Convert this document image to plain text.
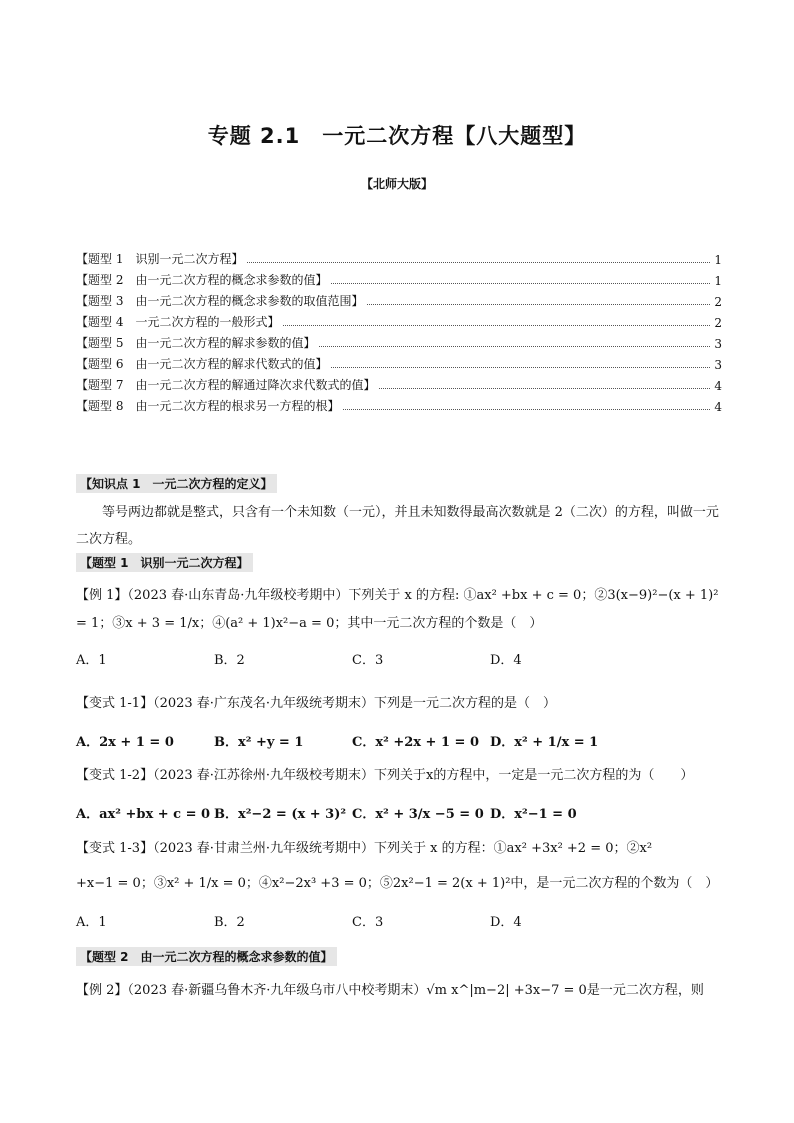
专题 2.1　一元二次方程【八大题型】
【北师大版】
【题型 1　识别一元二次方程】	1
【题型 2　由一元二次方程的概念求参数的值】	1
【题型 3　由一元二次方程的概念求参数的取值范围】	2
【题型 4　一元二次方程的一般形式】	2
【题型 5　由一元二次方程的解求参数的值】	3
【题型 6　由一元二次方程的解求代数式的值】	3
【题型 7　由一元二次方程的解通过降次求代数式的值】	4
【题型 8　由一元二次方程的根求另一方程的根】	4
【知识点 1　一元二次方程的定义】
等号两边都就是整式，只含有一个未知数（一元），并且未知数得最高次数就是 2（二次）的方程，叫做一元二次方程。
【题型 1　识别一元二次方程】
【例 1】（2023 春·山东青岛·九年级校考期中）下列关于 x 的方程: ①ax² +bx + c = 0；②3(x−9)²−(x + 1)²
= 1；③x + 3 = 1/x；④(a² + 1)x²−a = 0；其中一元二次方程的个数是（　）
A．1	B．2	C．3	D．4
【变式 1-1】（2023 春·广东茂名·九年级统考期末）下列是一元二次方程的是（　）
A．2x + 1 = 0	B．x² +y = 1	C．x² +2x + 1 = 0 D．x² + 1/x = 1
【变式 1-2】（2023 春·江苏徐州·九年级校考期末）下列关于x的方程中，一定是一元二次方程的为（　　）
A．ax² +bx + c = 0 B．x²−2 = (x + 3)² C．x² + 3/x −5 = 0 D．x²−1 = 0
【变式 1-3】（2023 春·甘肃兰州·九年级统考期中）下列关于 x 的方程：①ax² +3x² +2 = 0；②x²
+x−1 = 0；③x² + 1/x = 0；④x²−2x³ +3 = 0；⑤2x²−1 = 2(x + 1)²中，是一元二次方程的个数为（　）
A．1	B．2	C．3	D．4
【题型 2　由一元二次方程的概念求参数的值】
【例 2】（2023 春·新疆乌鲁木齐·九年级乌市八中校考期末）√m x^|m−2| +3x−7 = 0是一元二次方程，则
